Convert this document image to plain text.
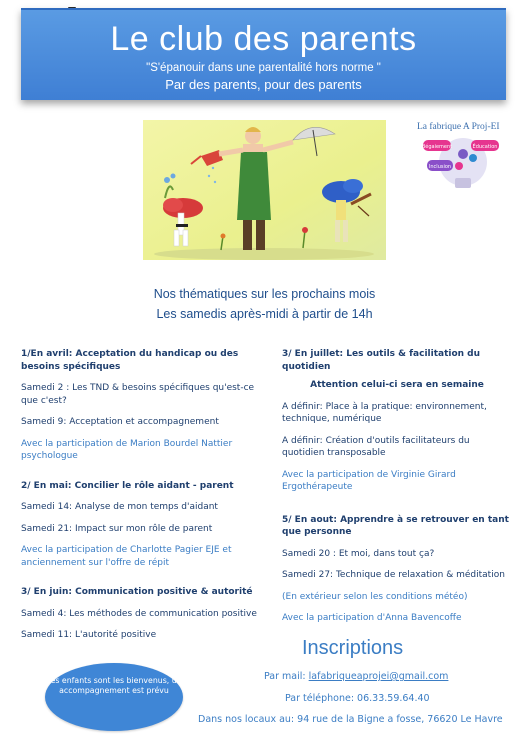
Le club des parents
"S'épanouir dans une parentalité hors norme "
Par des parents, pour des parents
La fabrique A Proj-EI
Bégaiement	Éducation
Inclusion
Nos thématiques sur les prochains mois
Les samedis après-midi à partir de 14h
1/En avril: Acceptation du handicap ou des besoins spécifiques
Samedi 2 : Les TND & besoins spécifiques qu'est-ce que c'est?
Samedi 9: Acceptation et accompagnement
Avec la participation de Marion Bourdel Nattier psychologue
2/ En mai: Concilier le rôle aidant - parent
Samedi 14: Analyse de mon temps d'aidant
Samedi 21: Impact sur mon rôle de parent
Avec la participation de Charlotte Pagier EJE et anciennement sur l'offre de répit
3/ En juin: Communication positive & autorité
Samedi 4: Les méthodes de communication positive
Samedi 11: L'autorité positive
3/ En juillet: Les outils & facilitation du quotidien
Attention celui-ci sera en semaine
A définir: Place à la pratique: environnement, technique, numérique
A définir: Création d'outils facilitateurs du quotidien transposable
Avec la participation de Virginie Girard Ergothérapeute
5/ En aout: Apprendre à se retrouver en tant que personne
Samedi 20 : Et moi, dans tout ça?
Samedi 27: Technique de relaxation & méditation
(En extérieur selon les conditions météo)
Avec la participation d'Anna Bavencoffe
Les enfants sont les bienvenus, un accompagnement est prévu
Inscriptions
Par mail: lafabriqueaprojei@gmail.com
Par téléphone: 06.33.59.64.40
Dans nos locaux au: 94 rue de la Bigne a fosse, 76620 Le Havre
